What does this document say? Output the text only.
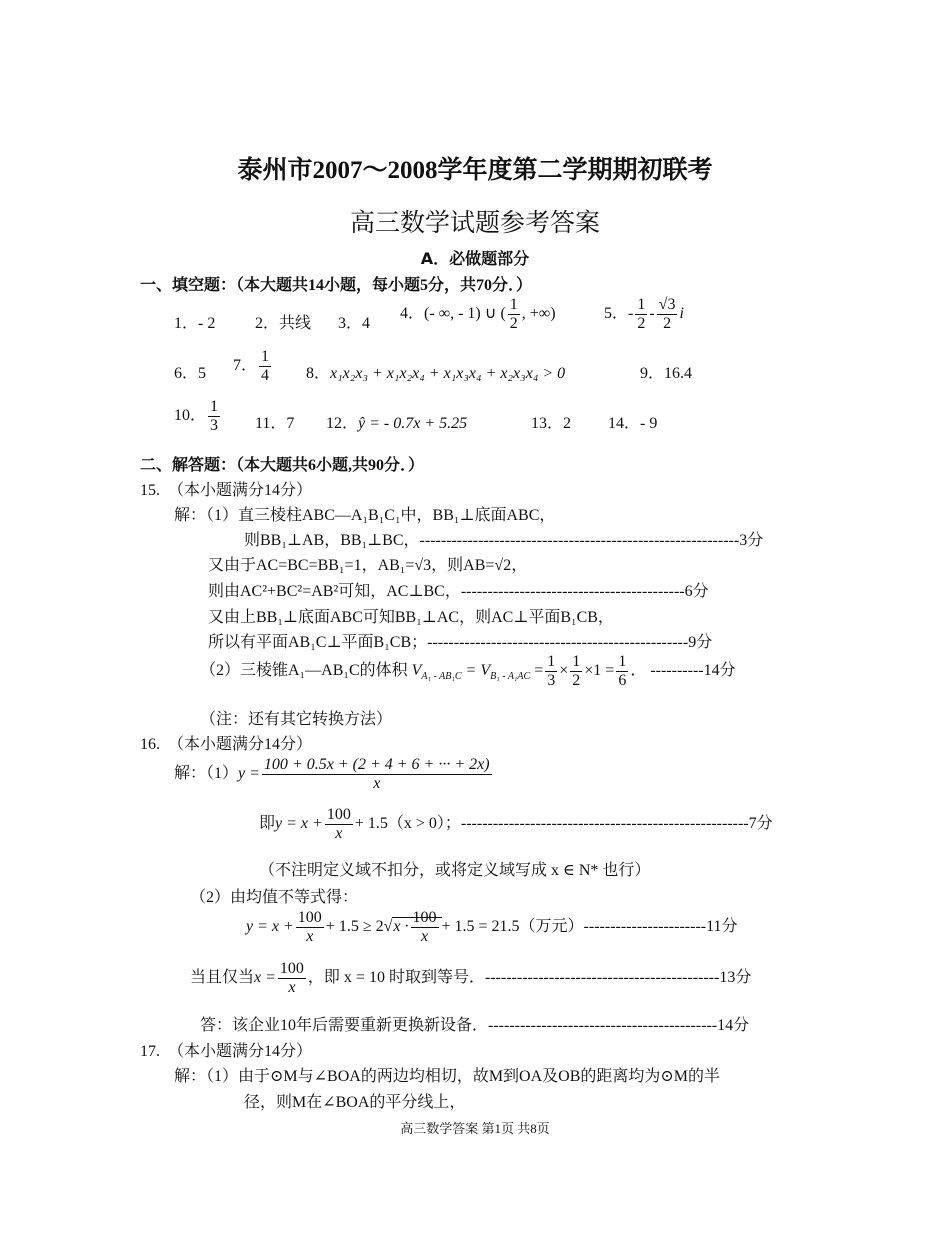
泰州市2007～2008学年度第二学期期初联考
高三数学试题参考答案
A．必做题部分
一、填空题：（本大题共14小题，每小题5分，共70分．）
1．- 2 2．共线 3．4
4．(- ∞, - 1) ∪ ( $\frac{1}{2}$ , +∞)	5．- $\frac{1}{2} - \frac{√3}{2}$ i
6．5 7． $\frac{1}{4} 8$．x₁x₂x₃ + x₁x₂x₄ + x₁x₃x₄ + x₂x₃x₄ > 0	9．16.4
10． $\frac{1}{3} 11$．7 12．ŷ = - 0.7x + 5.25	13．2 14．- 9
二、解答题：（本大题共6小题,共90分．）
15.　（本小题满分14分）
解：（1）直三棱柱ABC—A₁B₁C₁中，BB₁⊥底面ABC，
则BB₁⊥AB，BB₁⊥BC，------------------------------------------------------------3分
又由于AC=BC=BB₁=1，AB₁=√3，则AB=√2，
则由AC²+BC²=AB²可知，AC⊥BC，------------------------------------------6分
又由上BB₁⊥底面ABC可知BB₁⊥AC，则AC⊥平面B₁CB，
所以有平面AB₁C⊥平面B₁CB；-------------------------------------------------9分
（2）三棱锥A₁—AB₁C的体积 $V_{A_1 - AB_1C} = V_{B_1 - A_1AC} = \frac{1}{3} \times \frac{1}{2} \times 1 = \frac{1}{6}$ ． ----------14分
（注：还有其它转换方法）
16.　（本小题满分14分）
解：$(1)y = \frac{100 + 0.5x + (2 + 4 + 6 + \cdot\cdot\cdot + 2x)}{x}$
即$y = x + \frac{100}{x} + 1.5(x > 0)$；------------------------------------------------------7分
（不注明定义域不扣分，或将定义域写成 x ∈ N* 也行）
（2）由均值不等式得：
$y = x + \frac{100}{x} + 1.5 \ge 2√x \cdot \frac{100}{x} + 1.5 = 21.5$（万元）-----------------------11分
当且仅当$x = \frac{100}{x}$ ，即 x = 10 时取到等号．--------------------------------------------13分
答：该企业10年后需要重新更换新设备．-------------------------------------------14分
17.　（本小题满分14分）
解：（1）由于⊙M与∠BOA的两边均相切，故M到OA及OB的距离均为⊙M的半
径，则M在∠BOA的平分线上，
高三数学答案 第1页 共8页
